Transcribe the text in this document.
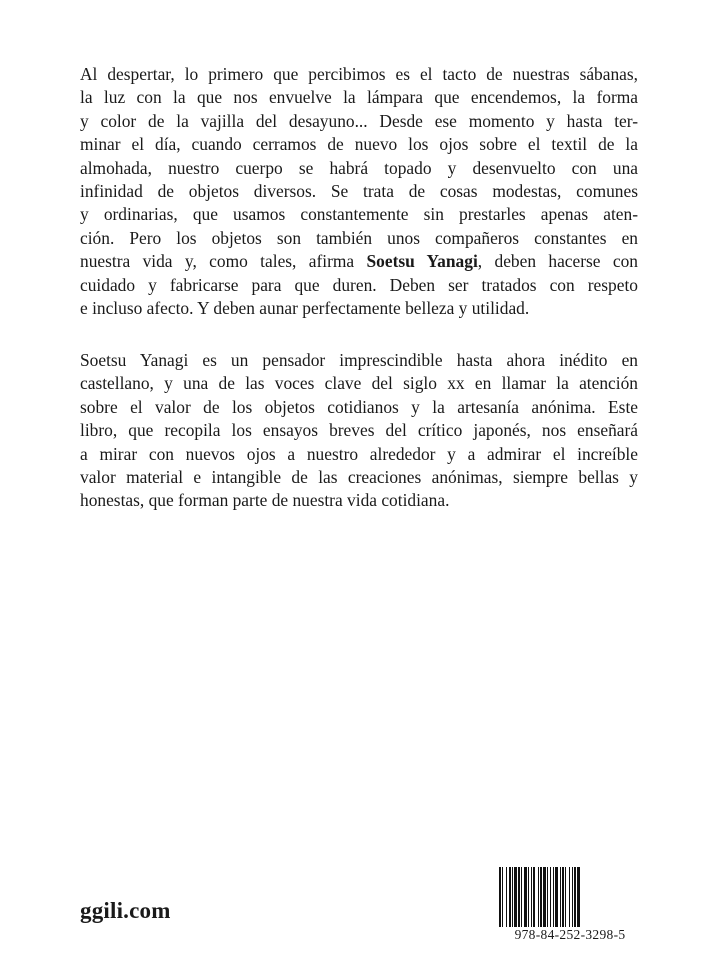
Al despertar, lo primero que percibimos es el tacto de nuestras sábanas,
la luz con la que nos envuelve la lámpara que encendemos, la forma
y color de la vajilla del desayuno... Desde ese momento y hasta ter-
minar el día, cuando cerramos de nuevo los ojos sobre el textil de la
almohada, nuestro cuerpo se habrá topado y desenvuelto con una
infinidad de objetos diversos. Se trata de cosas modestas, comunes
y ordinarias, que usamos constantemente sin prestarles apenas aten-
ción. Pero los objetos son también unos compañeros constantes en
nuestra vida y, como tales, afirma Soetsu Yanagi, deben hacerse con
cuidado y fabricarse para que duren. Deben ser tratados con respeto
e incluso afecto. Y deben aunar perfectamente belleza y utilidad.
Soetsu Yanagi es un pensador imprescindible hasta ahora inédito en
castellano, y una de las voces clave del siglo xx en llamar la atención
sobre el valor de los objetos cotidianos y la artesanía anónima. Este
libro, que recopila los ensayos breves del crítico japonés, nos enseñará
a mirar con nuevos ojos a nuestro alrededor y a admirar el increíble
valor material e intangible de las creaciones anónimas, siempre bellas y
honestas, que forman parte de nuestra vida cotidiana.
ggili.com
978-84-252-3298-5
